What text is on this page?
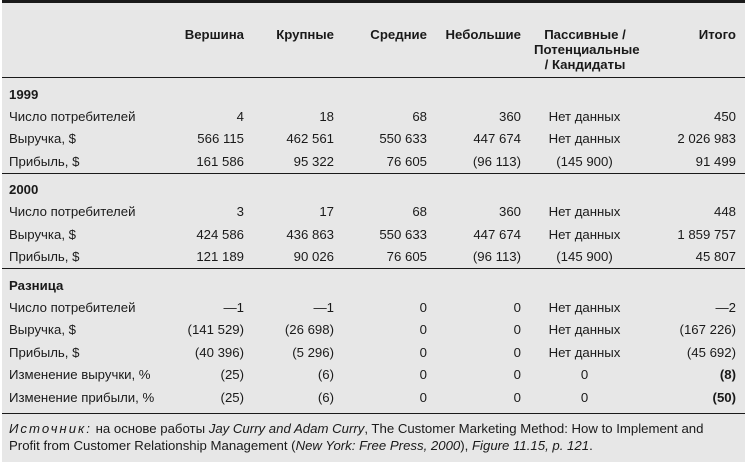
	Вершина	Крупные	Средние	Небольшие	Пассивные / Потенциальные / Кандидаты	Итого
1999						
Число потребителей	4	18	68	360	Нет данных	450
Выручка, $	566 115	462 561	550 633	447 674	Нет данных	2 026 983
Прибыль, $	161 586	95 322	76 605	(96 113)	(145 900)	91 499
2000						
Число потребителей	3	17	68	360	Нет данных	448
Выручка, $	424 586	436 863	550 633	447 674	Нет данных	1 859 757
Прибыль, $	121 189	90 026	76 605	(96 113)	(145 900)	45 807
Разница						
Число потребителей	—1	—1	0	0	Нет данных	—2
Выручка, $	(141 529)	(26 698)	0	0	Нет данных	(167 226)
Прибыль, $	(40 396)	(5 296)	0	0	Нет данных	(45 692)
Изменение выручки, %	(25)	(6)	0	0	0	(8)
Изменение прибыли, %	(25)	(6)	0	0	0	(50)
Источник: на основе работы Jay Curry and Adam Curry, The Customer Marketing Method: How to Implement and Profit from Customer Relationship Management (New York: Free Press, 2000), Figure 11.15, p. 121.
